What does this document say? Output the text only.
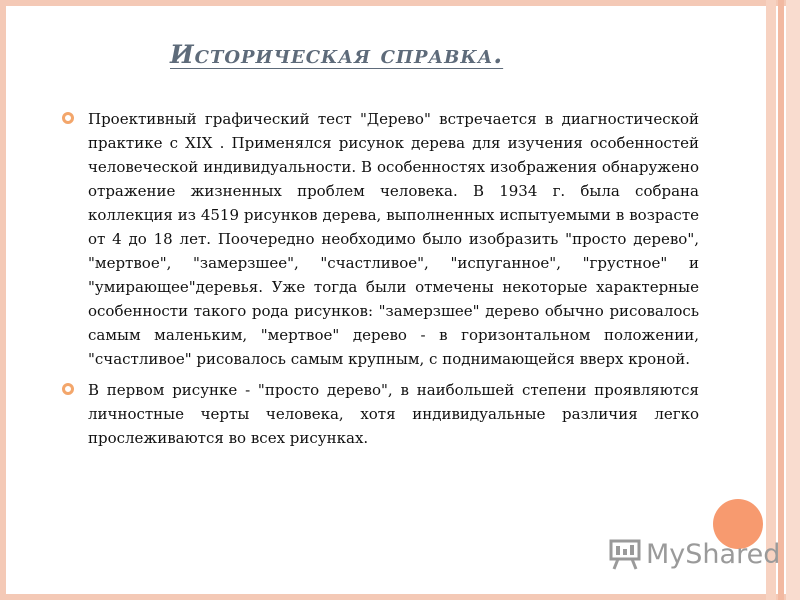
Историческая справка.

Проективный графический тест "Дерево" встречается в диагностической практике с XIX . Применялся рисунок дерева для изучения особенностей человеческой индивидуальности. В особенностях изображения обнаружено отражение жизненных проблем человека. В 1934 г. была собрана коллекция из 4519 рисунков дерева, выполненных испытуемыми в возрасте от 4 до 18 лет. Поочередно необходимо было изобразить "просто дерево", "мертвое", "замерзшее", "счастливое", "испуганное", "грустное" и "умирающее"деревья. Уже тогда были отмечены некоторые характерные особенности такого рода рисунков: "замерзшее" дерево обычно рисовалось самым маленьким, "мертвое" дерево - в горизонтальном положении, "счастливое" рисовалось самым крупным, с поднимающейся вверх кроной.

В первом рисунке - "просто дерево", в наибольшей степени проявляются личностные черты человека, хотя индивидуальные различия легко прослеживаются во всех рисунках.

MyShared
